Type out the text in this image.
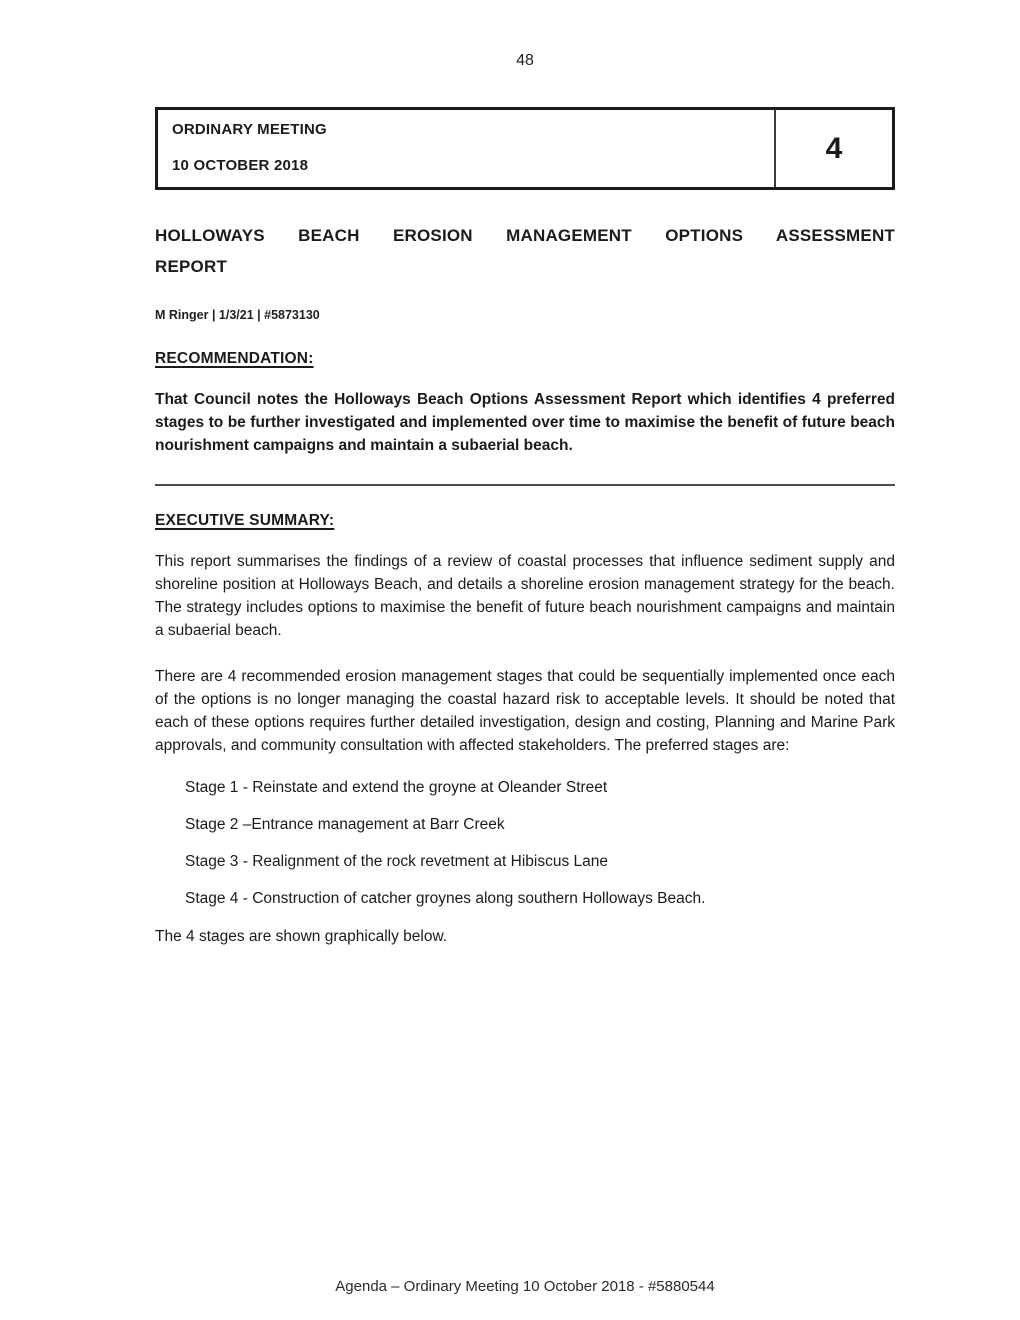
48
ORDINARY MEETING
10 OCTOBER 2018
4
HOLLOWAYS BEACH EROSION MANAGEMENT OPTIONS ASSESSMENT
REPORT
M Ringer | 1/3/21 | #5873130
RECOMMENDATION:
That Council notes the Holloways Beach Options Assessment Report which identifies 4 preferred stages to be further investigated and implemented over time to maximise the benefit of future beach nourishment campaigns and maintain a subaerial beach.
EXECUTIVE SUMMARY:
This report summarises the findings of a review of coastal processes that influence sediment supply and shoreline position at Holloways Beach, and details a shoreline erosion management strategy for the beach. The strategy includes options to maximise the benefit of future beach nourishment campaigns and maintain a subaerial beach.
There are 4 recommended erosion management stages that could be sequentially implemented once each of the options is no longer managing the coastal hazard risk to acceptable levels. It should be noted that each of these options requires further detailed investigation, design and costing, Planning and Marine Park approvals, and community consultation with affected stakeholders. The preferred stages are:
Stage 1 - Reinstate and extend the groyne at Oleander Street
Stage 2 –Entrance management at Barr Creek
Stage 3 - Realignment of the rock revetment at Hibiscus Lane
Stage 4 - Construction of catcher groynes along southern Holloways Beach.
The 4 stages are shown graphically below.
Agenda – Ordinary Meeting 10 October 2018 - #5880544
